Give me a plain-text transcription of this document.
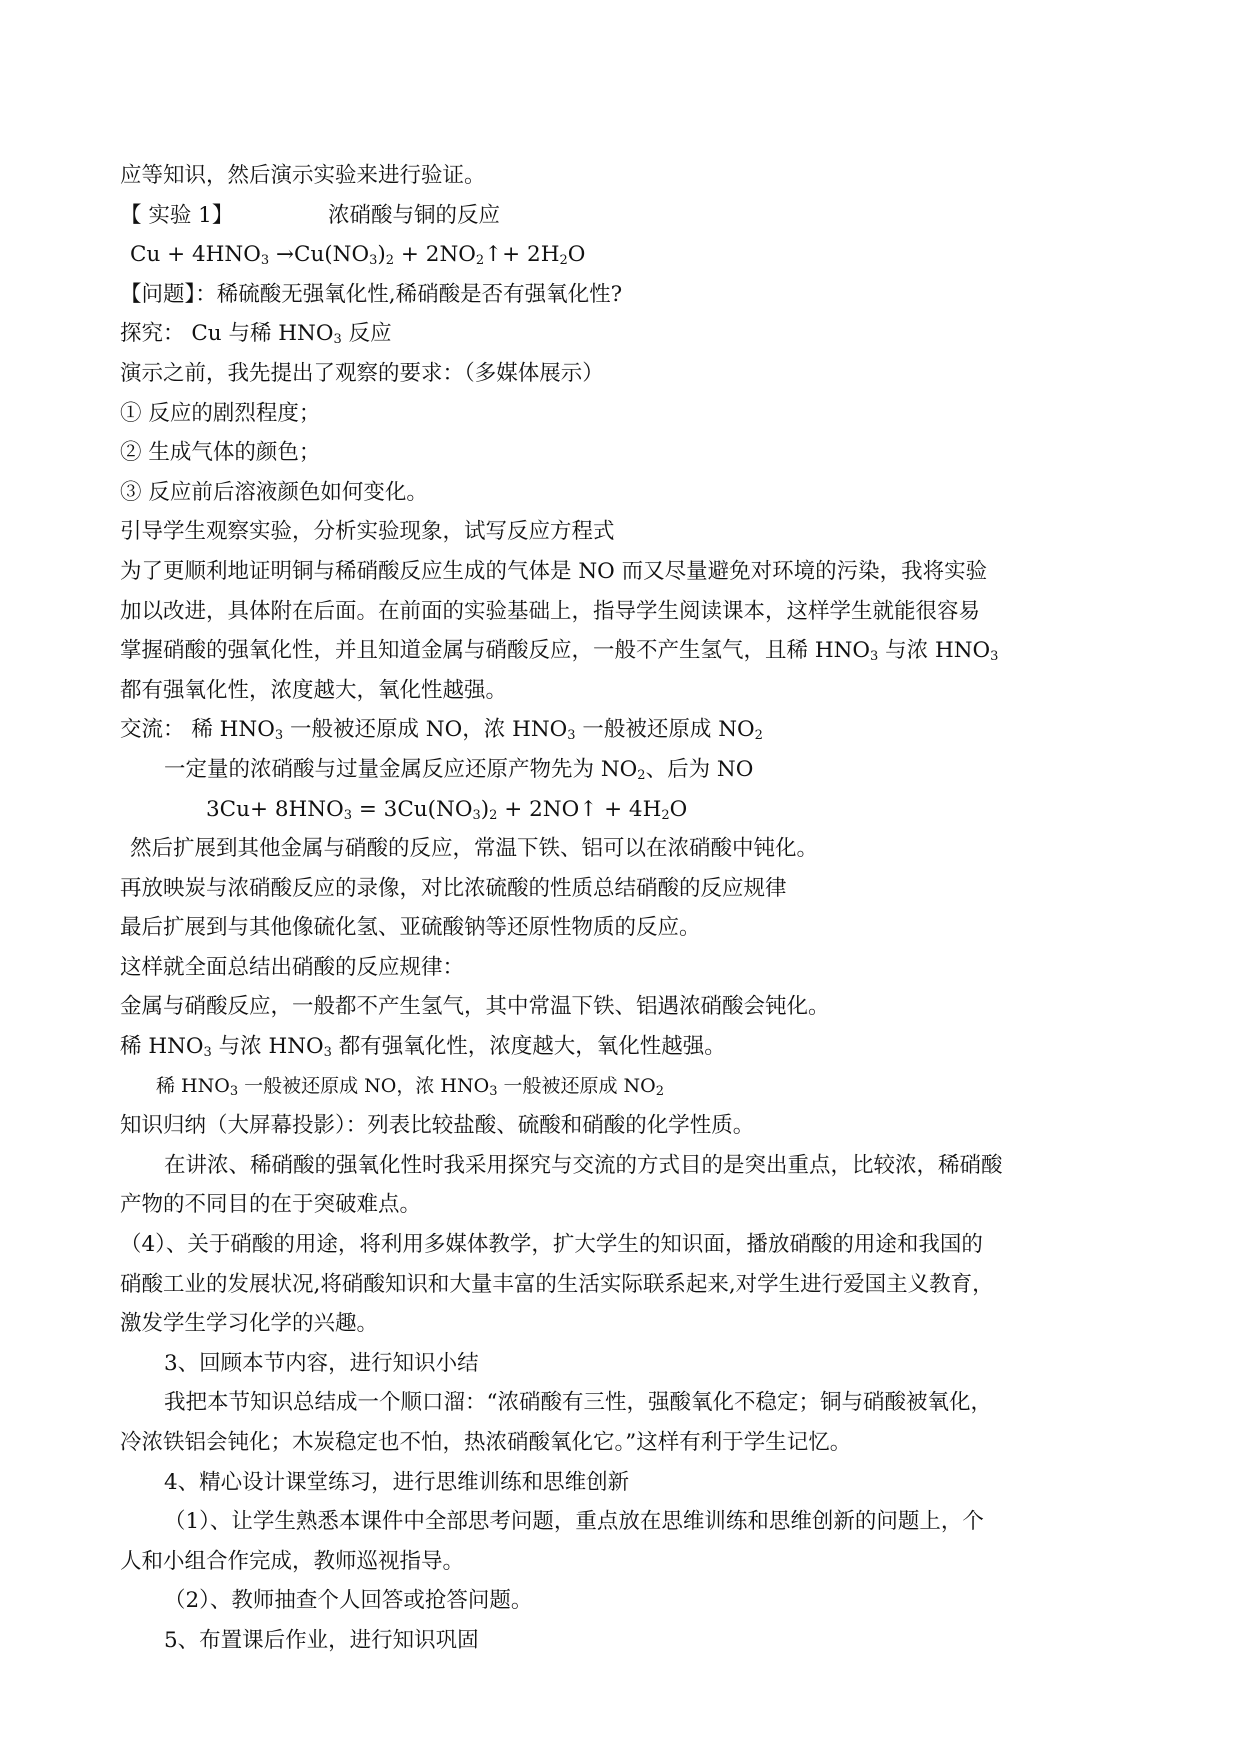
应等知识，然后演示实验来进行验证。
【 实验 1】	浓硝酸与铜的反应
$Cu + 4HNO_3 \to Cu(NO_3)_2$ + $2NO_2↑+ 2H_2O$
【问题】：稀硫酸无强氧化性,稀硝酸是否有强氧化性?
探究： Cu 与稀 $HNO_3$ 反应
演示之前，我先提出了观察的要求：（多媒体展示）
① 反应的剧烈程度；
② 生成气体的颜色；
③ 反应前后溶液颜色如何变化。
引导学生观察实验，分析实验现象，试写反应方程式
为了更顺利地证明铜与稀硝酸反应生成的气体是 NO 而又尽量避免对环境的污染，我将实验
加以改进，具体附在后面。在前面的实验基础上，指导学生阅读课本，这样学生就能很容易
掌握硝酸的强氧化性，并且知道金属与硝酸反应，一般不产生氢气，且稀 $HNO_3$ 与浓 $HNO_3$
都有强氧化性，浓度越大，氧化性越强。
交流： 稀 $HNO_3$ 一般被还原成 NO，浓 $HNO_3$ 一般被还原成 $NO_2$
一定量的浓硝酸与过量金属反应还原产物先为 $NO_2$、后为 NO
$3Cu+ 8HNO_3 = 3Cu(NO_3)_2$ + 2NO↑ + $4H_2O$
然后扩展到其他金属与硝酸的反应，常温下铁、铝可以在浓硝酸中钝化。
再放映炭与浓硝酸反应的录像，对比浓硫酸的性质总结硝酸的反应规律
最后扩展到与其他像硫化氢、亚硫酸钠等还原性物质的反应。
这样就全面总结出硝酸的反应规律：
金属与硝酸反应，一般都不产生氢气，其中常温下铁、铝遇浓硝酸会钝化。
稀 $HNO_3$ 与浓 $HNO_3$ 都有强氧化性，浓度越大，氧化性越强。
稀 $HNO_3$ 一般被还原成 NO，浓 $HNO_3$ 一般被还原成 $NO_2$
知识归纳（大屏幕投影）：列表比较盐酸、硫酸和硝酸的化学性质。
在讲浓、稀硝酸的强氧化性时我采用探究与交流的方式目的是突出重点，比较浓，稀硝酸
产物的不同目的在于突破难点。
（4）、关于硝酸的用途，将利用多媒体教学，扩大学生的知识面，播放硝酸的用途和我国的
硝酸工业的发展状况,将硝酸知识和大量丰富的生活实际联系起来,对学生进行爱国主义教育，
激发学生学习化学的兴趣。
3、回顾本节内容，进行知识小结
我把本节知识总结成一个顺口溜：“浓硝酸有三性，强酸氧化不稳定；铜与硝酸被氧化，
冷浓铁铝会钝化；木炭稳定也不怕，热浓硝酸氧化它。”这样有利于学生记忆。
4、精心设计课堂练习，进行思维训练和思维创新
（1）、让学生熟悉本课件中全部思考问题，重点放在思维训练和思维创新的问题上，个
人和小组合作完成，教师巡视指导。
（2）、教师抽查个人回答或抢答问题。
5、布置课后作业，进行知识巩固
